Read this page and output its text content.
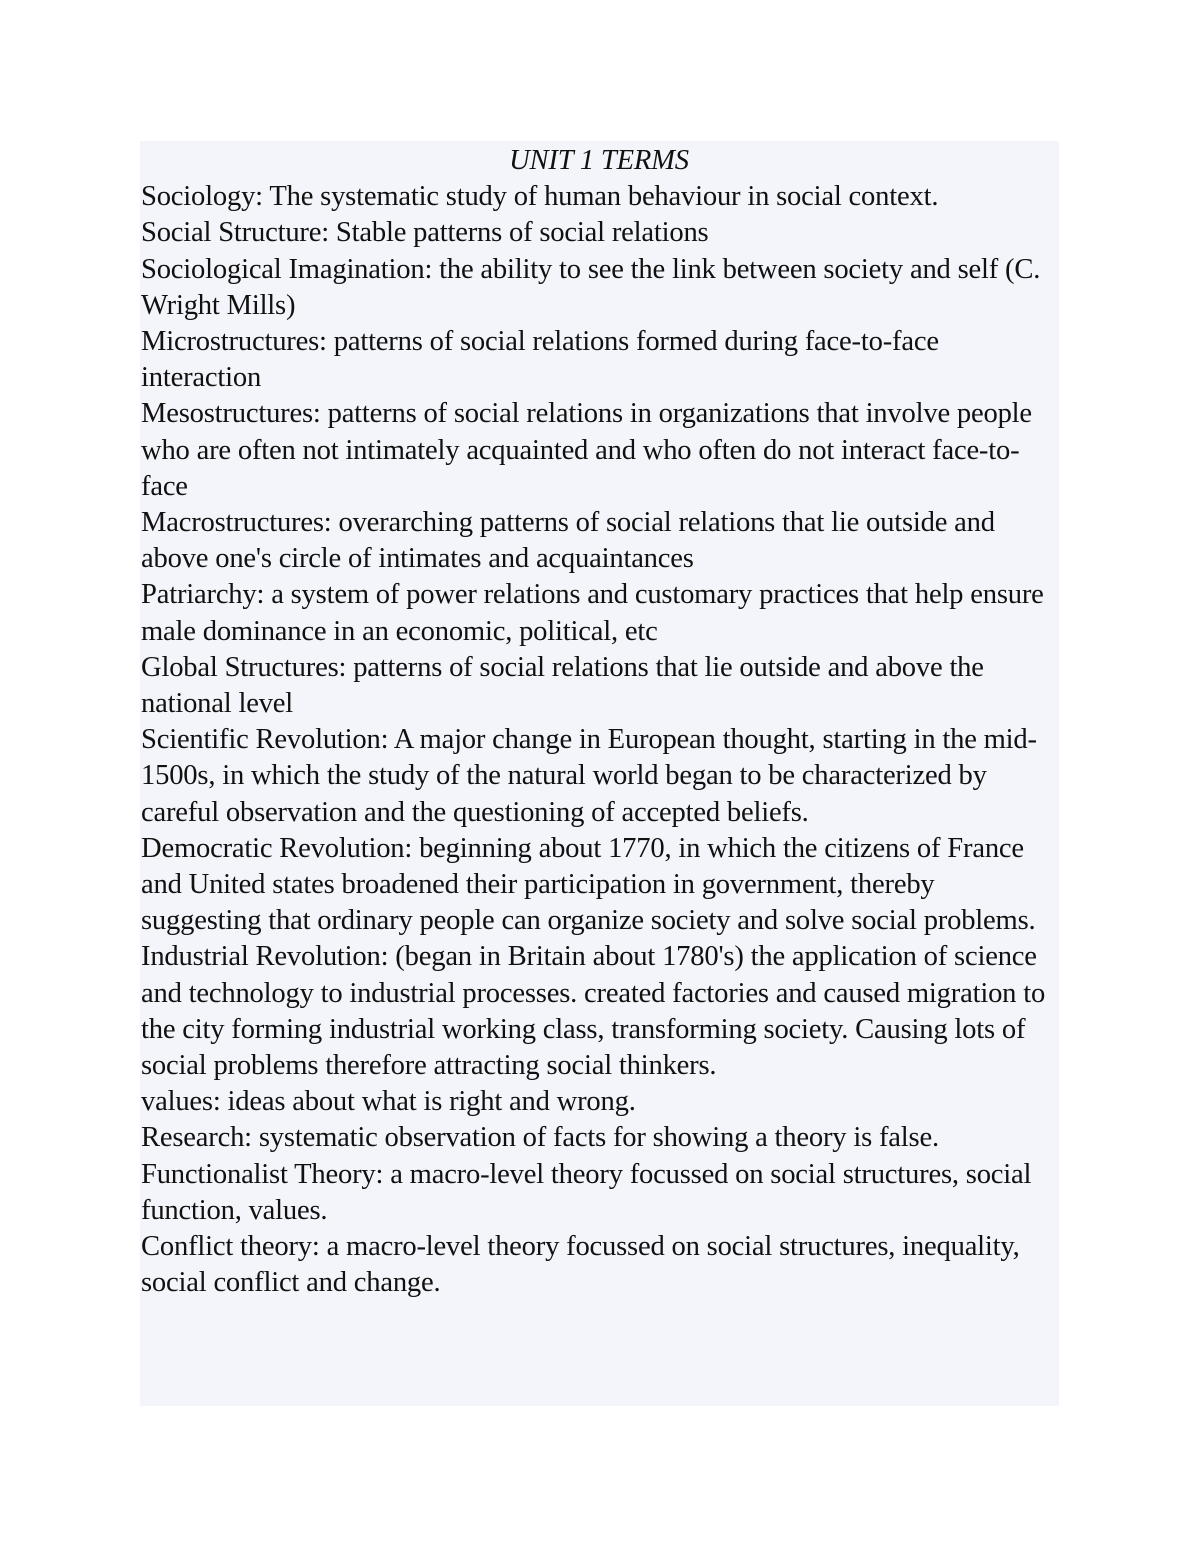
UNIT 1 TERMS

Sociology: The systematic study of human behaviour in social context.

Social Structure: Stable patterns of social relations

Sociological Imagination: the ability to see the link between society and self (C. Wright Mills)

Microstructures: patterns of social relations formed during face-to-face interaction

Mesostructures: patterns of social relations in organizations that involve people who are often not intimately acquainted and who often do not interact face-to-face

Macrostructures: overarching patterns of social relations that lie outside and above one's circle of intimates and acquaintances

Patriarchy: a system of power relations and customary practices that help ensure male dominance in an economic, political, etc

Global Structures: patterns of social relations that lie outside and above the national level

Scientific Revolution: A major change in European thought, starting in the mid-1500s, in which the study of the natural world began to be characterized by careful observation and the questioning of accepted beliefs.

Democratic Revolution: beginning about 1770, in which the citizens of France and United states broadened their participation in government, thereby suggesting that ordinary people can organize society and solve social problems.

Industrial Revolution: (began in Britain about 1780's) the application of science and technology to industrial processes. created factories and caused migration to the city forming industrial working class, transforming society. Causing lots of social problems therefore attracting social thinkers.

values: ideas about what is right and wrong.

Research: systematic observation of facts for showing a theory is false.

Functionalist Theory: a macro-level theory focussed on social structures, social function, values.

Conflict theory: a macro-level theory focussed on social structures, inequality, social conflict and change.
